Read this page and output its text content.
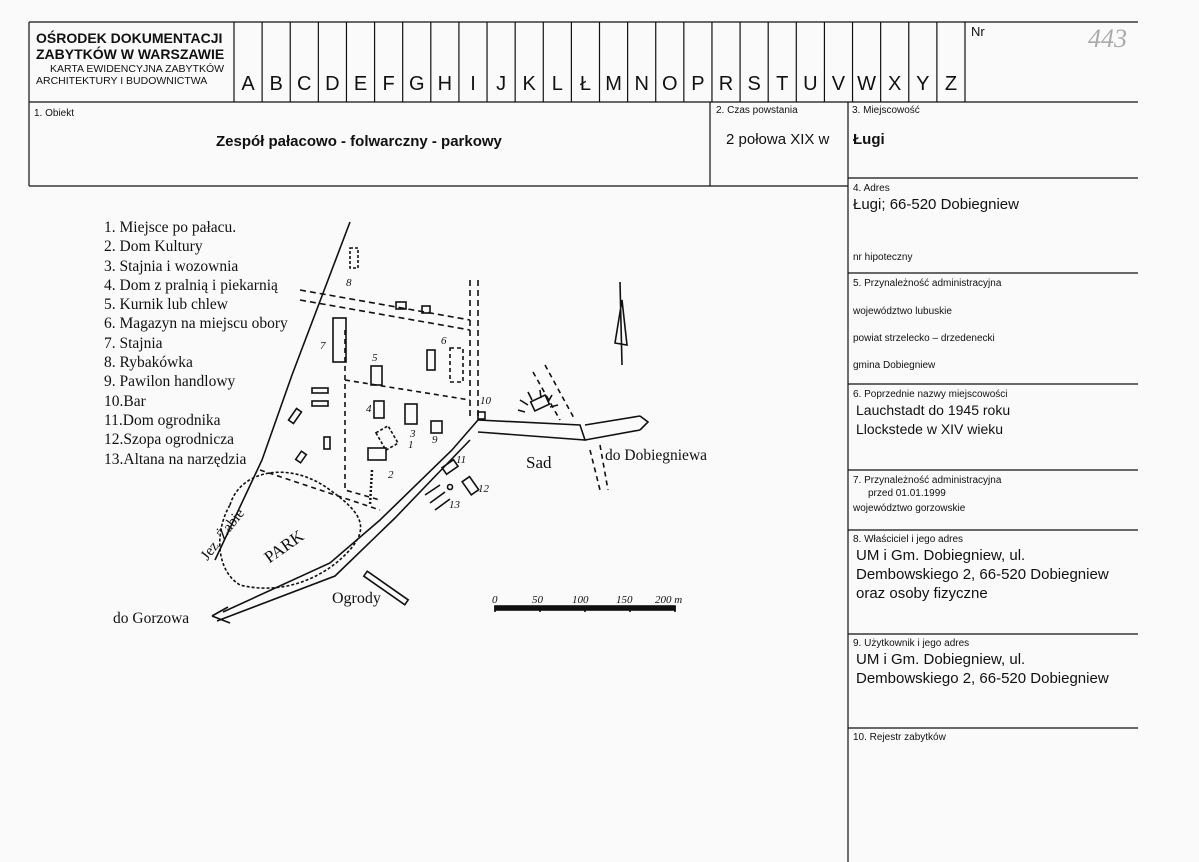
OŚRODEK DOKUMENTACJI
ZABYTKÓW W WARSZAWIE
KARTA EWIDENCYJNA ZABYTKÓW
ARCHITEKTURY I BUDOWNICTWA	A B C D E F G H I	J K L Ł M N O P R S T U V W X Y Z
Nr	443
1. Obiekt
Zespół pałacowo - folwarczny - parkowy
2. Czas powstania
2 połowa XIX w
3. Miejscowość
Ługi
4. Adres
Ługi; 66-520 Dobiegniew
nr hipoteczny
5. Przynależność administracyjna
województwo lubuskie
powiat strzelecko – drzedenecki
gmina Dobiegniew
6. Poprzednie nazwy miejscowości
Lauchstadt do 1945 roku
Llockstede w XIV wieku
7. Przynależność administracyjna
przed 01.01.1999
województwo gorzowskie
8. Właściciel i jego adres
UM i Gm. Dobiegniew, ul.
Dembowskiego 2, 66-520 Dobiegniew
oraz osoby fizyczne
9. Użytkownik i jego adres
UM i Gm. Dobiegniew, ul.
Dembowskiego 2, 66-520 Dobiegniew
10. Rejestr zabytków
1. Miejsce po pałacu.
2. Dom Kultury
3. Stajnia i wozownia
4. Dom z pralnią i piekarnią
5. Kurnik lub chlew
6. Magazyn na miejscu obory
7. Stajnia
8. Rybakówka
9. Pawilon handlowy
10.Bar
11.Dom ogrodnika
12.Szopa ogrodnicza
13.Altana na narzędzia
PARK
Jez. Żabie
Sad
Ogrody
do Gorzowa
do Dobiegniewa
1
2
3
4
5
6
7
8
9
10
11
12
13
0	50	100	150 200 m
